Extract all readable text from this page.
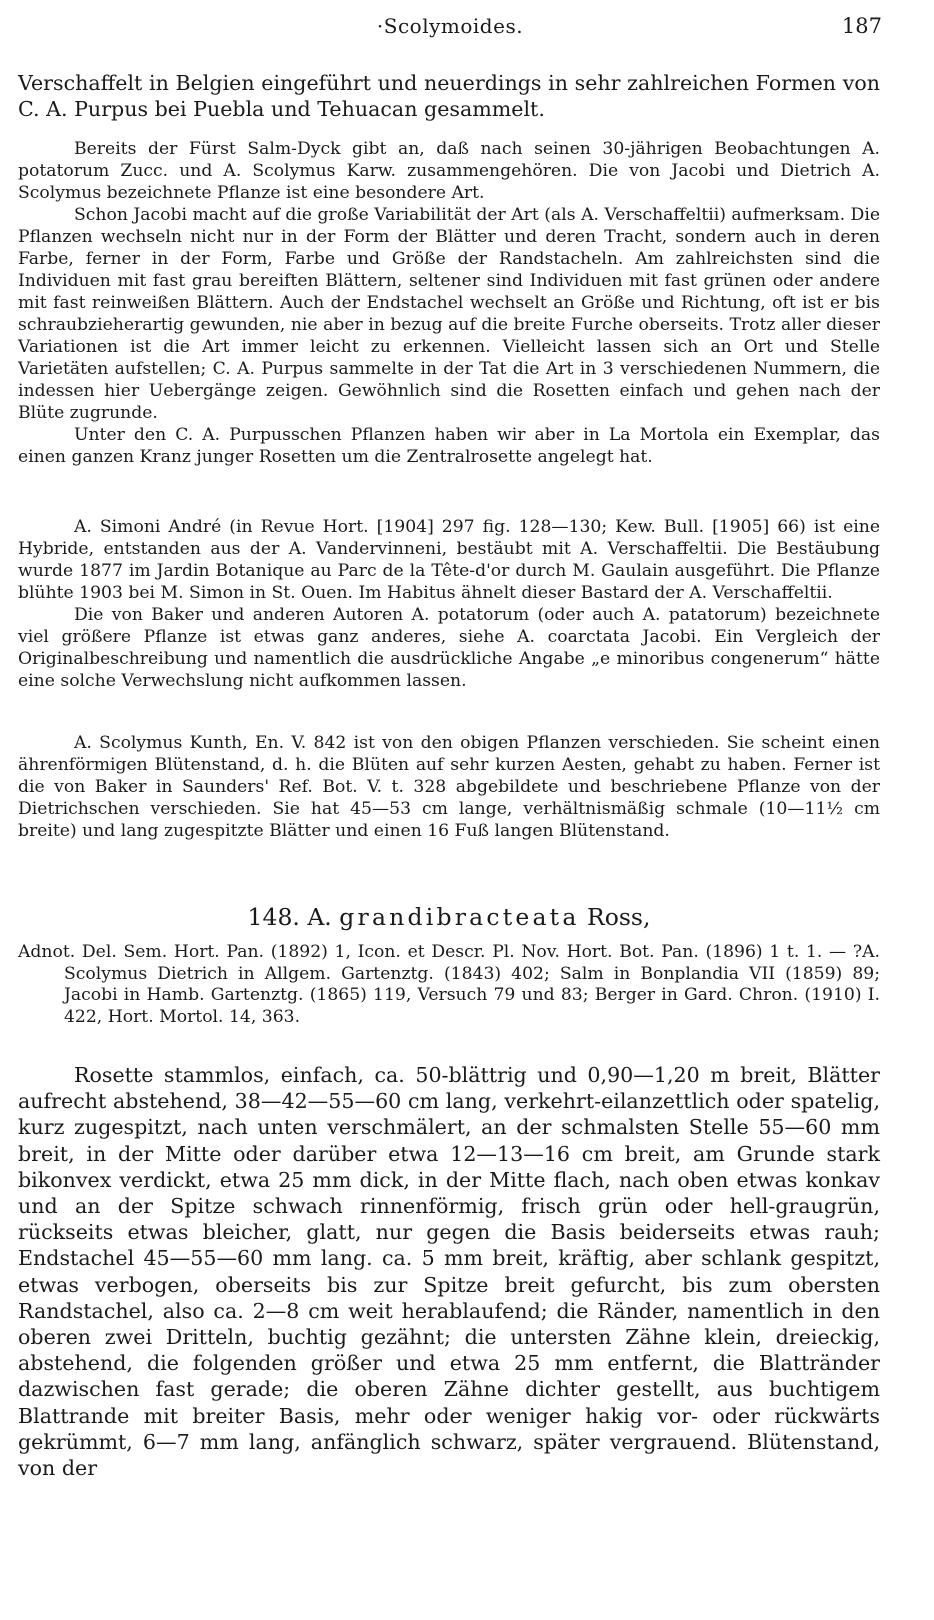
·Scolymoides.	187

Verschaffelt in Belgien eingeführt und neuerdings in sehr zahlreichen Formen von C. A. Purpus bei Puebla und Tehuacan gesammelt.

Bereits der Fürst Salm-Dyck gibt an, daß nach seinen 30-jährigen Beobachtungen A. potatorum Zucc. und A. Scolymus Karw. zusammengehören. Die von Jacobi und Dietrich A. Scolymus bezeichnete Pflanze ist eine besondere Art.

Schon Jacobi macht auf die große Variabilität der Art (als A. Verschaffeltii) aufmerksam. Die Pflanzen wechseln nicht nur in der Form der Blätter und deren Tracht, sondern auch in deren Farbe, ferner in der Form, Farbe und Größe der Randstacheln. Am zahlreichsten sind die Individuen mit fast grau bereiften Blättern, seltener sind Individuen mit fast grünen oder andere mit fast reinweißen Blättern. Auch der Endstachel wechselt an Größe und Richtung, oft ist er bis schraubzieherartig gewunden, nie aber in bezug auf die breite Furche oberseits. Trotz aller dieser Variationen ist die Art immer leicht zu erkennen. Vielleicht lassen sich an Ort und Stelle Varietäten aufstellen; C. A. Purpus sammelte in der Tat die Art in 3 verschiedenen Nummern, die indessen hier Uebergänge zeigen. Gewöhnlich sind die Rosetten einfach und gehen nach der Blüte zugrunde.

Unter den C. A. Purpusschen Pflanzen haben wir aber in La Mortola ein Exemplar, das einen ganzen Kranz junger Rosetten um die Zentralrosette angelegt hat.

A. Simoni André (in Revue Hort. [1904] 297 fig. 128—130; Kew. Bull. [1905] 66) ist eine Hybride, entstanden aus der A. Vandervinneni, bestäubt mit A. Verschaffeltii. Die Bestäubung wurde 1877 im Jardin Botanique au Parc de la Tête-d'or durch M. Gaulain ausgeführt. Die Pflanze blühte 1903 bei M. Simon in St. Ouen. Im Habitus ähnelt dieser Bastard der A. Verschaffeltii.

Die von Baker und anderen Autoren A. potatorum (oder auch A. patatorum) bezeichnete viel größere Pflanze ist etwas ganz anderes, siehe A. coarctata Jacobi. Ein Vergleich der Originalbeschreibung und namentlich die ausdrückliche Angabe „e minoribus congenerum“ hätte eine solche Verwechslung nicht aufkommen lassen.

A. Scolymus Kunth, En. V. 842 ist von den obigen Pflanzen verschieden. Sie scheint einen ährenförmigen Blütenstand, d. h. die Blüten auf sehr kurzen Aesten, gehabt zu haben. Ferner ist die von Baker in Saunders' Ref. Bot. V. t. 328 abgebildete und beschriebene Pflanze von der Dietrichschen verschieden. Sie hat 45—53 cm lange, verhältnismäßig schmale (10—11½ cm breite) und lang zugespitzte Blätter und einen 16 Fuß langen Blütenstand.

148. A. grandibracteata Ross,

Adnot. Del. Sem. Hort. Pan. (1892) 1, Icon. et Descr. Pl. Nov. Hort. Bot. Pan. (1896) 1 t. 1. — ?A. Scolymus Dietrich in Allgem. Gartenztg. (1843) 402; Salm in Bonplandia VII (1859) 89; Jacobi in Hamb. Gartenztg. (1865) 119, Versuch 79 und 83; Berger in Gard. Chron. (1910) I. 422, Hort. Mortol. 14, 363.

Rosette stammlos, einfach, ca. 50-blättrig und 0,90—1,20 m breit, Blätter aufrecht abstehend, 38—42—55—60 cm lang, verkehrt-eilanzettlich oder spatelig, kurz zugespitzt, nach unten verschmälert, an der schmalsten Stelle 55—60 mm breit, in der Mitte oder darüber etwa 12—13—16 cm breit, am Grunde stark bikonvex verdickt, etwa 25 mm dick, in der Mitte flach, nach oben etwas konkav und an der Spitze schwach rinnenförmig, frisch grün oder hell-graugrün, rückseits etwas bleicher, glatt, nur gegen die Basis beiderseits etwas rauh; Endstachel 45—55—60 mm lang. ca. 5 mm breit, kräftig, aber schlank gespitzt, etwas verbogen, oberseits bis zur Spitze breit gefurcht, bis zum obersten Randstachel, also ca. 2—8 cm weit herablaufend; die Ränder, namentlich in den oberen zwei Dritteln, buchtig gezähnt; die untersten Zähne klein, dreieckig, abstehend, die folgenden größer und etwa 25 mm entfernt, die Blattränder dazwischen fast gerade; die oberen Zähne dichter gestellt, aus buchtigem Blattrande mit breiter Basis, mehr oder weniger hakig vor- oder rückwärts gekrümmt, 6—7 mm lang, anfänglich schwarz, später vergrauend. Blütenstand, von der
